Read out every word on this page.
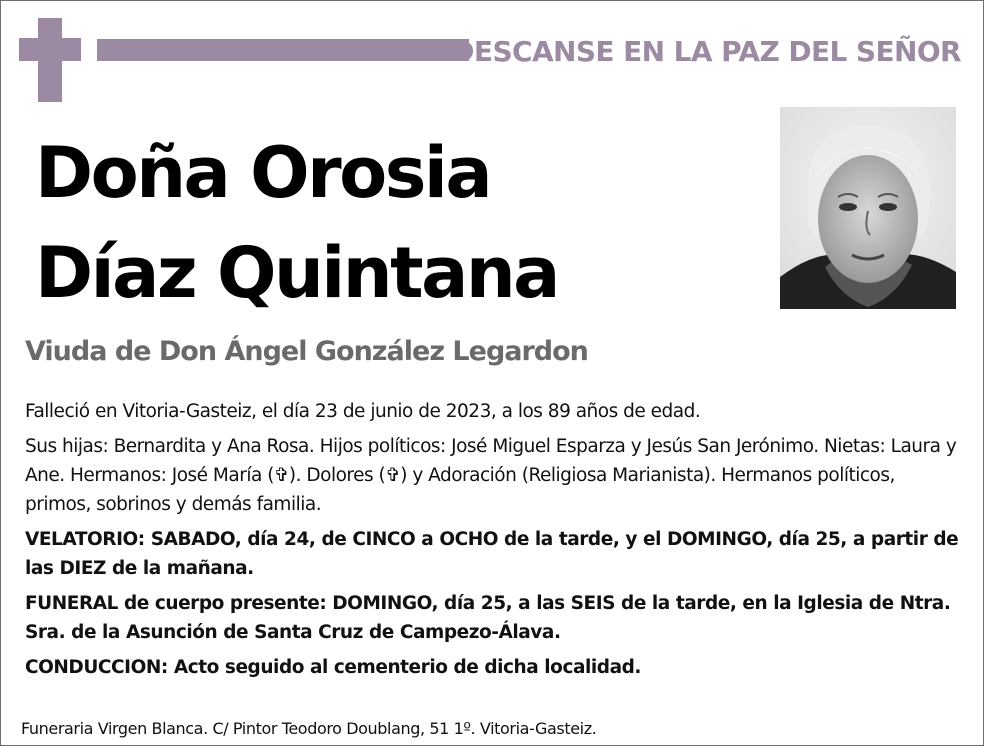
DESCANSE EN LA PAZ DEL SEÑOR
Doña Orosia
Díaz Quintana
Viuda de Don Ángel González Legardon

Falleció en Vitoria-Gasteiz, el día 23 de junio de 2023, a los 89 años de edad.

Sus hijas: Bernardita y Ana Rosa. Hijos políticos: José Miguel Esparza y Jesús San Jerónimo. Nietas: Laura y Ane. Hermanos: José María (✞). Dolores (✞) y Adoración (Religiosa Marianista). Hermanos políticos, primos, sobrinos y demás familia.

VELATORIO: SABADO, día 24, de CINCO a OCHO de la tarde, y el DOMINGO, día 25, a partir de las DIEZ de la mañana.

FUNERAL de cuerpo presente: DOMINGO, día 25, a las SEIS de la tarde, en la Iglesia de Ntra. Sra. de la Asunción de Santa Cruz de Campezo-Álava.

CONDUCCION: Acto seguido al cementerio de dicha localidad.

Funeraria Virgen Blanca. C/ Pintor Teodoro Doublang, 51 1º. Vitoria-Gasteiz.
